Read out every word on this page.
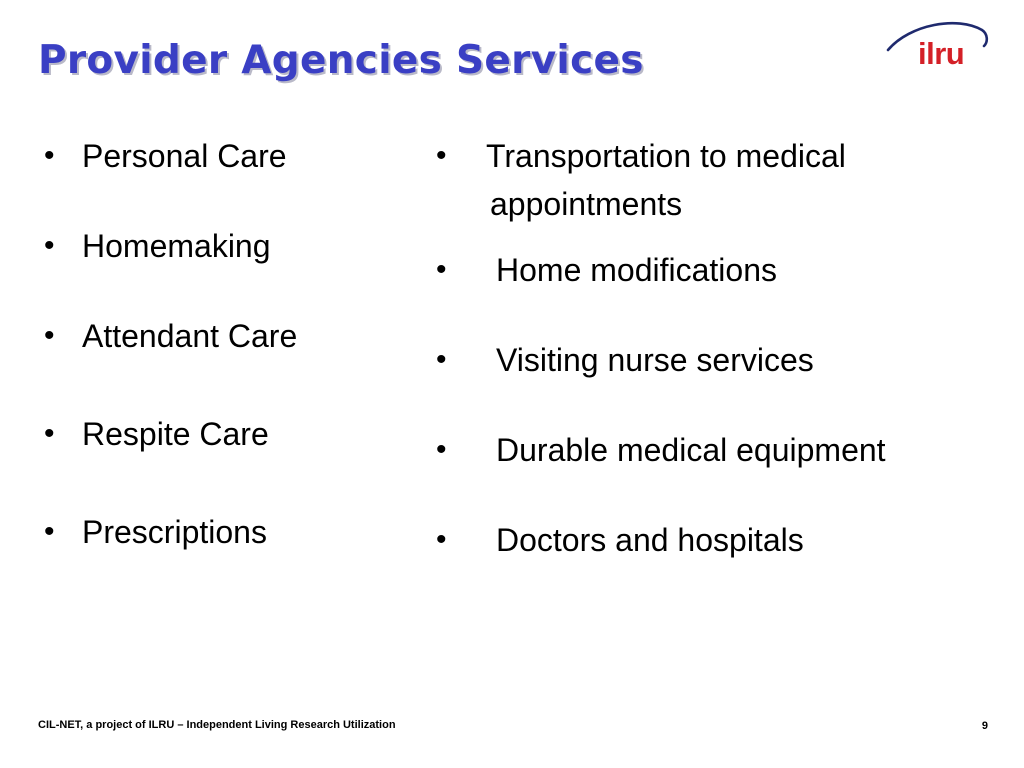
Provider Agencies Services	ilru
• Personal Care
• Homemaking
• Attendant Care
• Respite Care
• Prescriptions
• Transportation to medical
appointments
• Home modifications
• Visiting nurse services
• Durable medical equipment
• Doctors and hospitals
CIL-NET, a project of ILRU – Independent Living Research Utilization	9
